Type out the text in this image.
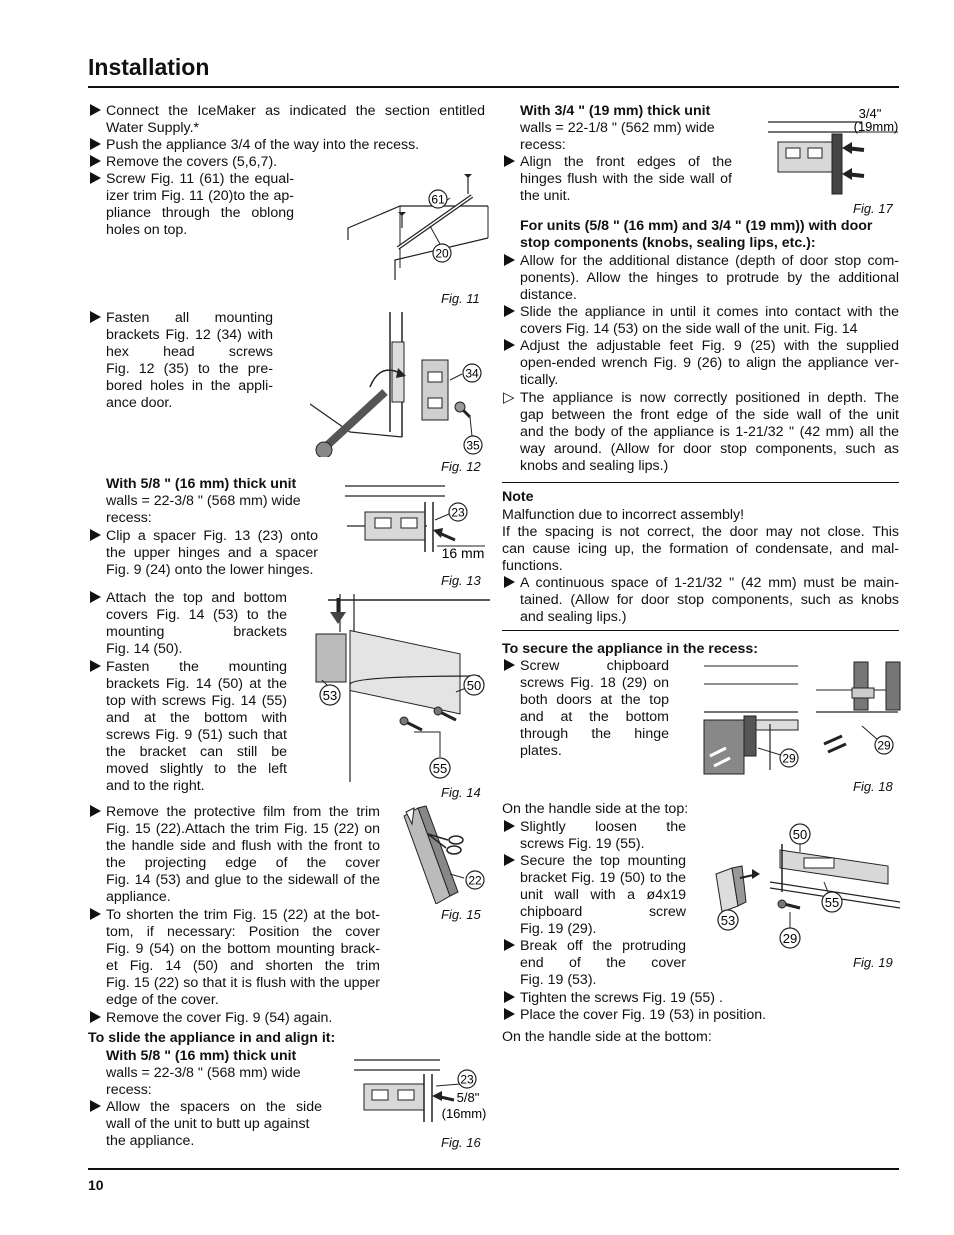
Installation

Connect the IceMaker as indicated the section entitled

Water Supply.*

Push the appliance 3/4 of the way into the recess.

Remove the covers (5,6,7).

Screw Fig. 11 (61) the equal-

izer trim Fig. 11 (20)to the ap-

pliance through the oblong

holes on top.

61
20
Fig. 11

Fasten all mounting

brackets Fig. 12 (34) with

hex head screws

Fig. 12 (35) to the pre-

bored holes in the appli-

ance door.

34
35
Fig. 12

With 5/8 " (16 mm) thick unit

walls = 22-3/8 " (568 mm) wide

recess:

Clip a spacer Fig. 13 (23) onto

the upper hinges and a spacer

Fig. 9 (24) onto the lower hinges.

23
16 mm
Fig. 13

Attach the top and bottom

covers Fig. 14 (53) to the

mounting brackets

Fig. 14 (50).

Fasten the mounting

brackets Fig. 14 (50) at the

top with screws Fig. 14 (55)

and at the bottom with

screws Fig. 9 (51) such that

the bracket can still be

moved slightly to the left

and to the right.

53
50
55
Fig. 14

Remove the protective film from the trim

Fig. 15 (22).Attach the trim Fig. 15 (22) on

the handle side and flush with the front to

the projecting edge of the cover

Fig. 14 (53) and glue to the sidewall of the

appliance.

22
Fig. 15

To shorten the trim Fig. 15 (22) at the bot-

tom, if necessary: Position the cover

Fig. 9 (54) on the bottom mounting brack-

et Fig. 14 (50) and shorten the trim

Fig. 15 (22) so that it is flush with the upper

edge of the cover.

Remove the cover Fig. 9 (54) again.

To slide the appliance in and align it:

With 5/8 " (16 mm) thick unit

walls = 22-3/8 " (568 mm) wide

recess:

Allow the spacers on the side

wall of the unit to butt up against

the appliance.

23
5/8"
(16mm)
Fig. 16

With 3/4 " (19 mm) thick unit

walls = 22-1/8 " (562 mm) wide

recess:

Align the front edges of the

hinges flush with the side wall of

the unit.

3/4"
(19mm)
Fig. 17

For units (5/8 " (16 mm) and 3/4 " (19 mm)) with door

stop components (knobs, sealing lips, etc.):

Allow for the additional distance (depth of door stop com-

ponents). Allow the hinges to protrude by the additional

distance.

Slide the appliance in until it comes into contact with the

covers Fig. 14 (53) on the side wall of the unit. Fig. 14

Adjust the adjustable feet Fig. 9 (25) with the supplied

open-ended wrench Fig. 9 (26) to align the appliance ver-

tically.

▷ The appliance is now correctly positioned in depth. The

gap between the front edge of the side wall of the unit

and the body of the appliance is 1-21/32 " (42 mm) all the

way around. (Allow for door stop components, such as

knobs and sealing lips.)

Note

Malfunction due to incorrect assembly!

If the spacing is not correct, the door may not close. This

can cause icing up, the formation of condensate, and mal-

functions.

A continuous space of 1-21/32 " (42 mm) must be main-

tained. (Allow for door stop components, such as knobs

and sealing lips.)

To secure the appliance in the recess:

Screw chipboard

screws Fig. 18 (29) on

both doors at the top

and at the bottom

through the hinge

plates.	29
29
Fig. 18

On the handle side at the top:

Slightly loosen the

screws Fig. 19 (55).

Secure the top mounting

bracket Fig. 19 (50) to the

unit wall with a ø4x19

chipboard screw

Fig. 19 (29).

Break off the protruding

end of the cover

Fig. 19 (53).

50
55
53
29
Fig. 19

Tighten the screws Fig. 19 (55) .

Place the cover Fig. 19 (53) in position.

On the handle side at the bottom:

10
